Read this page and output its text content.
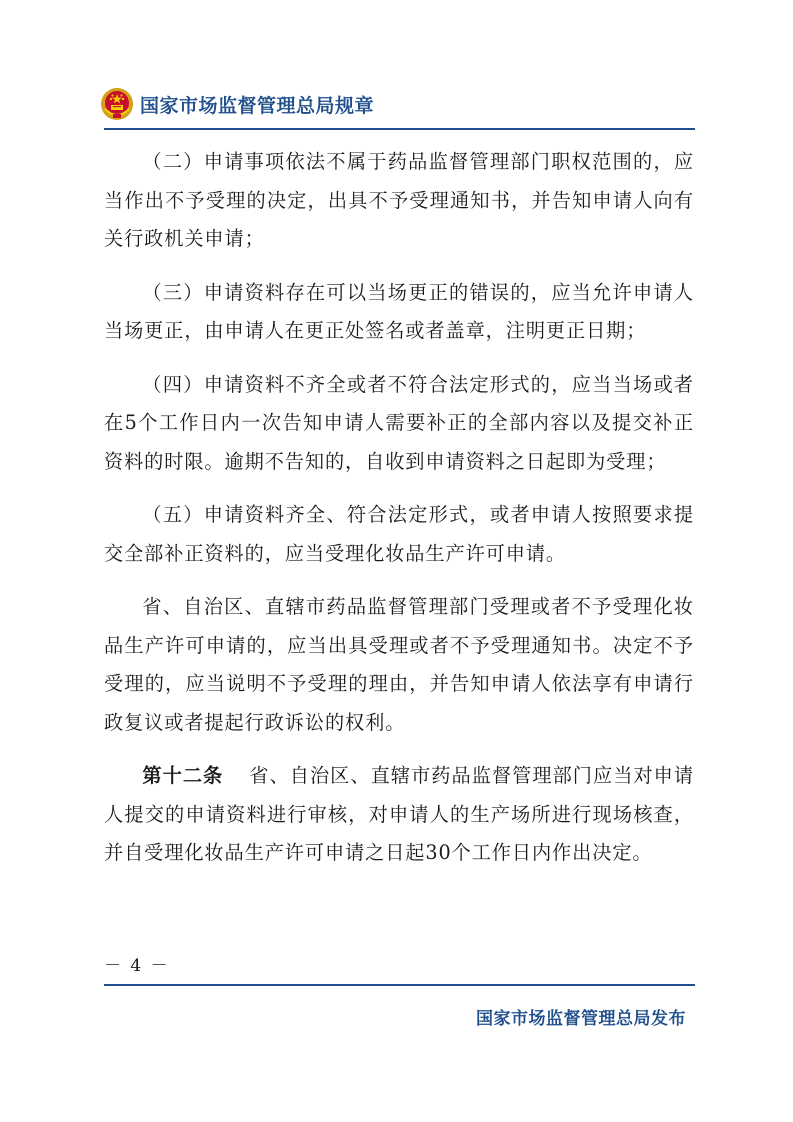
国家市场监督管理总局规章

（二）申请事项依法不属于药品监督管理部门职权范围的，应当作出不予受理的决定，出具不予受理通知书，并告知申请人向有关行政机关申请；

（三）申请资料存在可以当场更正的错误的，应当允许申请人当场更正，由申请人在更正处签名或者盖章，注明更正日期；

（四）申请资料不齐全或者不符合法定形式的，应当当场或者在5个工作日内一次告知申请人需要补正的全部内容以及提交补正资料的时限。逾期不告知的，自收到申请资料之日起即为受理；

（五）申请资料齐全、符合法定形式，或者申请人按照要求提交全部补正资料的，应当受理化妆品生产许可申请。

省、自治区、直辖市药品监督管理部门受理或者不予受理化妆品生产许可申请的，应当出具受理或者不予受理通知书。决定不予受理的，应当说明不予受理的理由，并告知申请人依法享有申请行政复议或者提起行政诉讼的权利。

第十二条 省、自治区、直辖市药品监督管理部门应当对申请人提交的申请资料进行审核，对申请人的生产场所进行现场核查，并自受理化妆品生产许可申请之日起30个工作日内作出决定。

－ 4 －
国家市场监督管理总局发布
